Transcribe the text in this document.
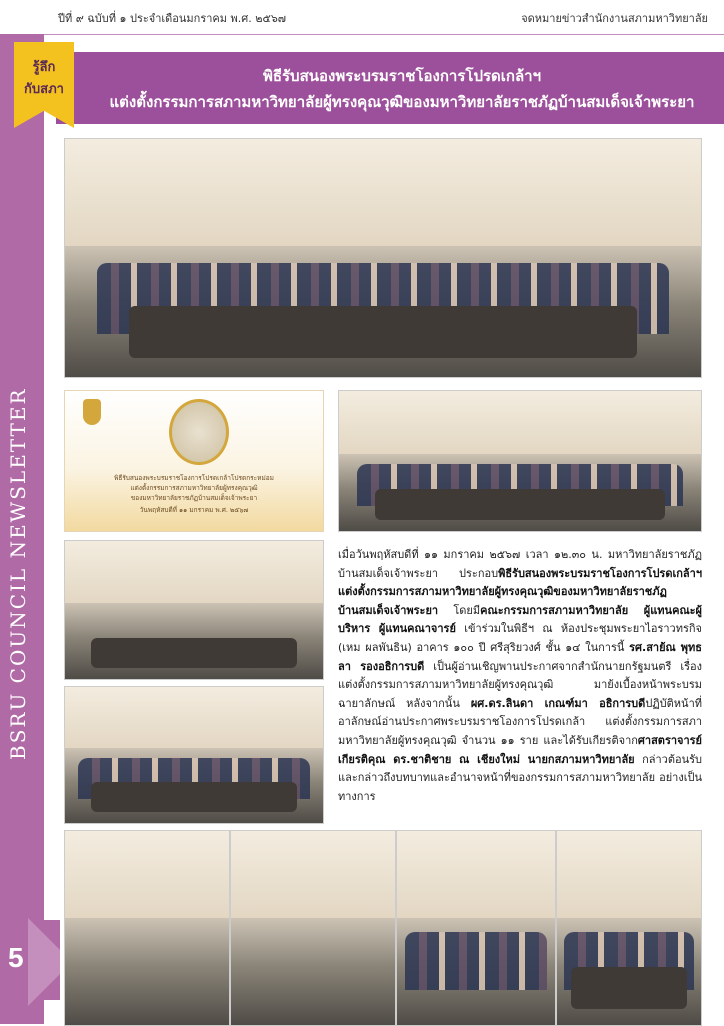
ปีที่ ๙ ฉบับที่ ๑ ประจำเดือนมกราคม พ.ศ. ๒๕๖๗	จดหมายข่าวสำนักงานสภามหาวิทยาลัย
BSRU COUNCIL NEWSLETTER
5
รู้ลึก
กับสภา
พิธีรับสนองพระบรมราชโองการโปรดเกล้าฯ
แต่งตั้งกรรมการสภามหาวิทยาลัยผู้ทรงคุณวุฒิของมหาวิทยาลัยราชภัฏบ้านสมเด็จเจ้าพระยา
พิธีรับสนองพระบรมราชโองการโปรดเกล้าโปรดกระหม่อม
แต่งตั้งกรรมการสภามหาวิทยาลัยผู้ทรงคุณวุฒิ
ของมหาวิทยาลัยราชภัฏบ้านสมเด็จเจ้าพระยา
วันพฤหัสบดีที่ ๑๑ มกราคม พ.ศ. ๒๕๖๗
เมื่อวันพฤหัสบดีที่ ๑๑ มกราคม ๒๕๖๗ เวลา ๑๒.๓๐ น. มหาวิทยาลัยราชภัฏบ้านสมเด็จเจ้าพระยา ประกอบพิธีรับสนองพระบรมราชโองการโปรดเกล้าฯ แต่งตั้งกรรมการสภามหาวิทยาลัยผู้ทรงคุณวุฒิของมหาวิทยาลัยราชภัฏบ้านสมเด็จเจ้าพระยา โดยมีคณะกรรมการสภามหาวิทยาลัย ผู้แทนคณะผู้บริหาร ผู้แทนคณาจารย์ เข้าร่วมในพิธีฯ ณ ห้องประชุมพระยาไอราวทรกิจ (เหม ผลพันธิน) อาคาร ๑๐๐ ปี ศรีสุริยวงศ์ ชั้น ๑๔ ในการนี้ รศ.สาย้ณ พุทธลา รองอธิการบดี เป็นผู้อ่านเชิญพานประกาศจากสำนักนายกรัฐมนตรี เรื่อง แต่งตั้งกรรมการสภามหาวิทยาลัยผู้ทรงคุณวุฒิ มาย้งเบื้องหน้าพระบรมฉายาลักษณ์ หลังจากนั้น ผศ.ดร.ลินดา เกณฑ์มา อธิการบดีปฏิบัติหน้าที่อาลักษณ์อ่านประกาศพระบรมราชโองการโปรดเกล้า แต่งตั้งกรรมการสภามหาวิทยาลัยผู้ทรงคุณวุฒิ จำนวน ๑๑ ราย และได้รับเกียรติจากศาสตราจารย์เกียรติคุณ ดร.ชาติชาย ณ เชียงใหม่ นายกสภามหาวิทยาลัย กล่าวต้อนรับและกล่าวถึงบทบาทและอำนาจหน้าที่ของกรรมการสภามหาวิทยาลัย อย่างเป็นทางการ
